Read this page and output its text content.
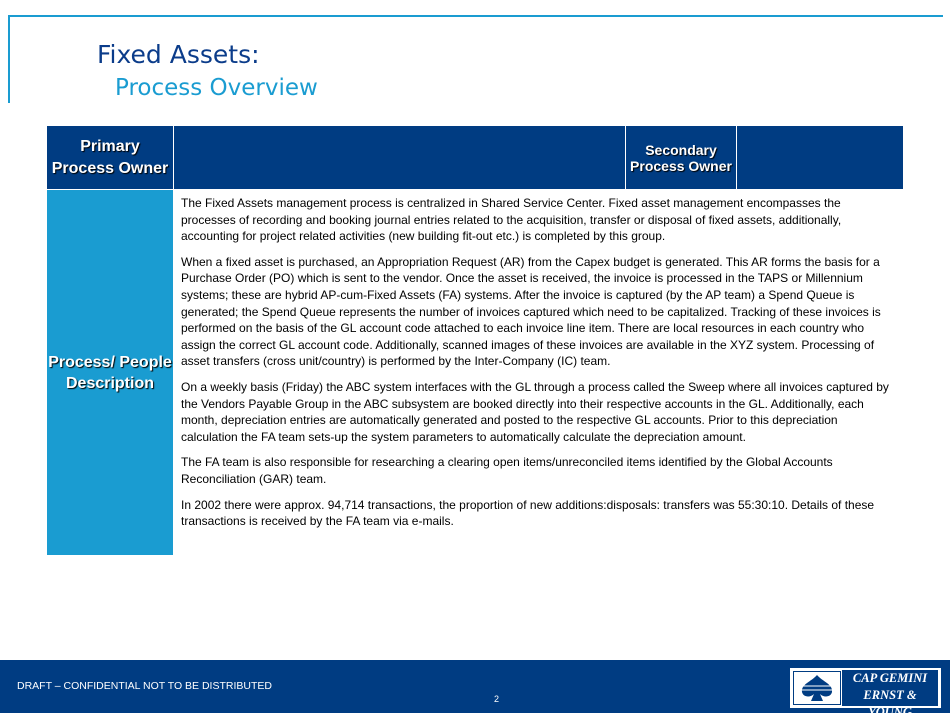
Fixed Assets:
Process Overview
Primary Process Owner
Secondary Process Owner
Process/ People Description

The Fixed Assets management process is centralized in Shared Service Center. Fixed asset management encompasses the processes of recording and booking journal entries related to the acquisition, transfer or disposal of fixed assets, additionally, accounting for project related activities (new building fit-out etc.) is completed by this group.

When a fixed asset is purchased, an Appropriation Request (AR) from the Capex budget is generated. This AR forms the basis for a Purchase Order (PO) which is sent to the vendor. Once the asset is received, the invoice is processed in the TAPS or Millennium systems; these are hybrid AP-cum-Fixed Assets (FA) systems. After the invoice is captured (by the AP team) a Spend Queue is generated; the Spend Queue represents the number of invoices captured which need to be capitalized. Tracking of these invoices is performed on the basis of the GL account code attached to each invoice line item. There are local resources in each country who assign the correct GL account code. Additionally, scanned images of these invoices are available in the XYZ system. Processing of asset transfers (cross unit/country) is performed by the Inter-Company (IC) team.

On a weekly basis (Friday) the ABC system interfaces with the GL through a process called the Sweep where all invoices captured by the Vendors Payable Group in the ABC subsystem are booked directly into their respective accounts in the GL. Additionally, each month, depreciation entries are automatically generated and posted to the respective GL accounts. Prior to this depreciation calculation the FA team sets-up the system parameters to automatically calculate the depreciation amount.

The FA team is also responsible for researching a clearing open items/unreconciled items identified by the Global Accounts Reconciliation (GAR) team.

In 2002 there were approx. 94,714 transactions, the proportion of new additions:disposals: transfers was 55:30:10. Details of these transactions is received by the FA team via e-mails.

DRAFT – CONFIDENTIAL NOT TO BE DISTRIBUTED
2
CAP GEMINI
ERNST & YOUNG
